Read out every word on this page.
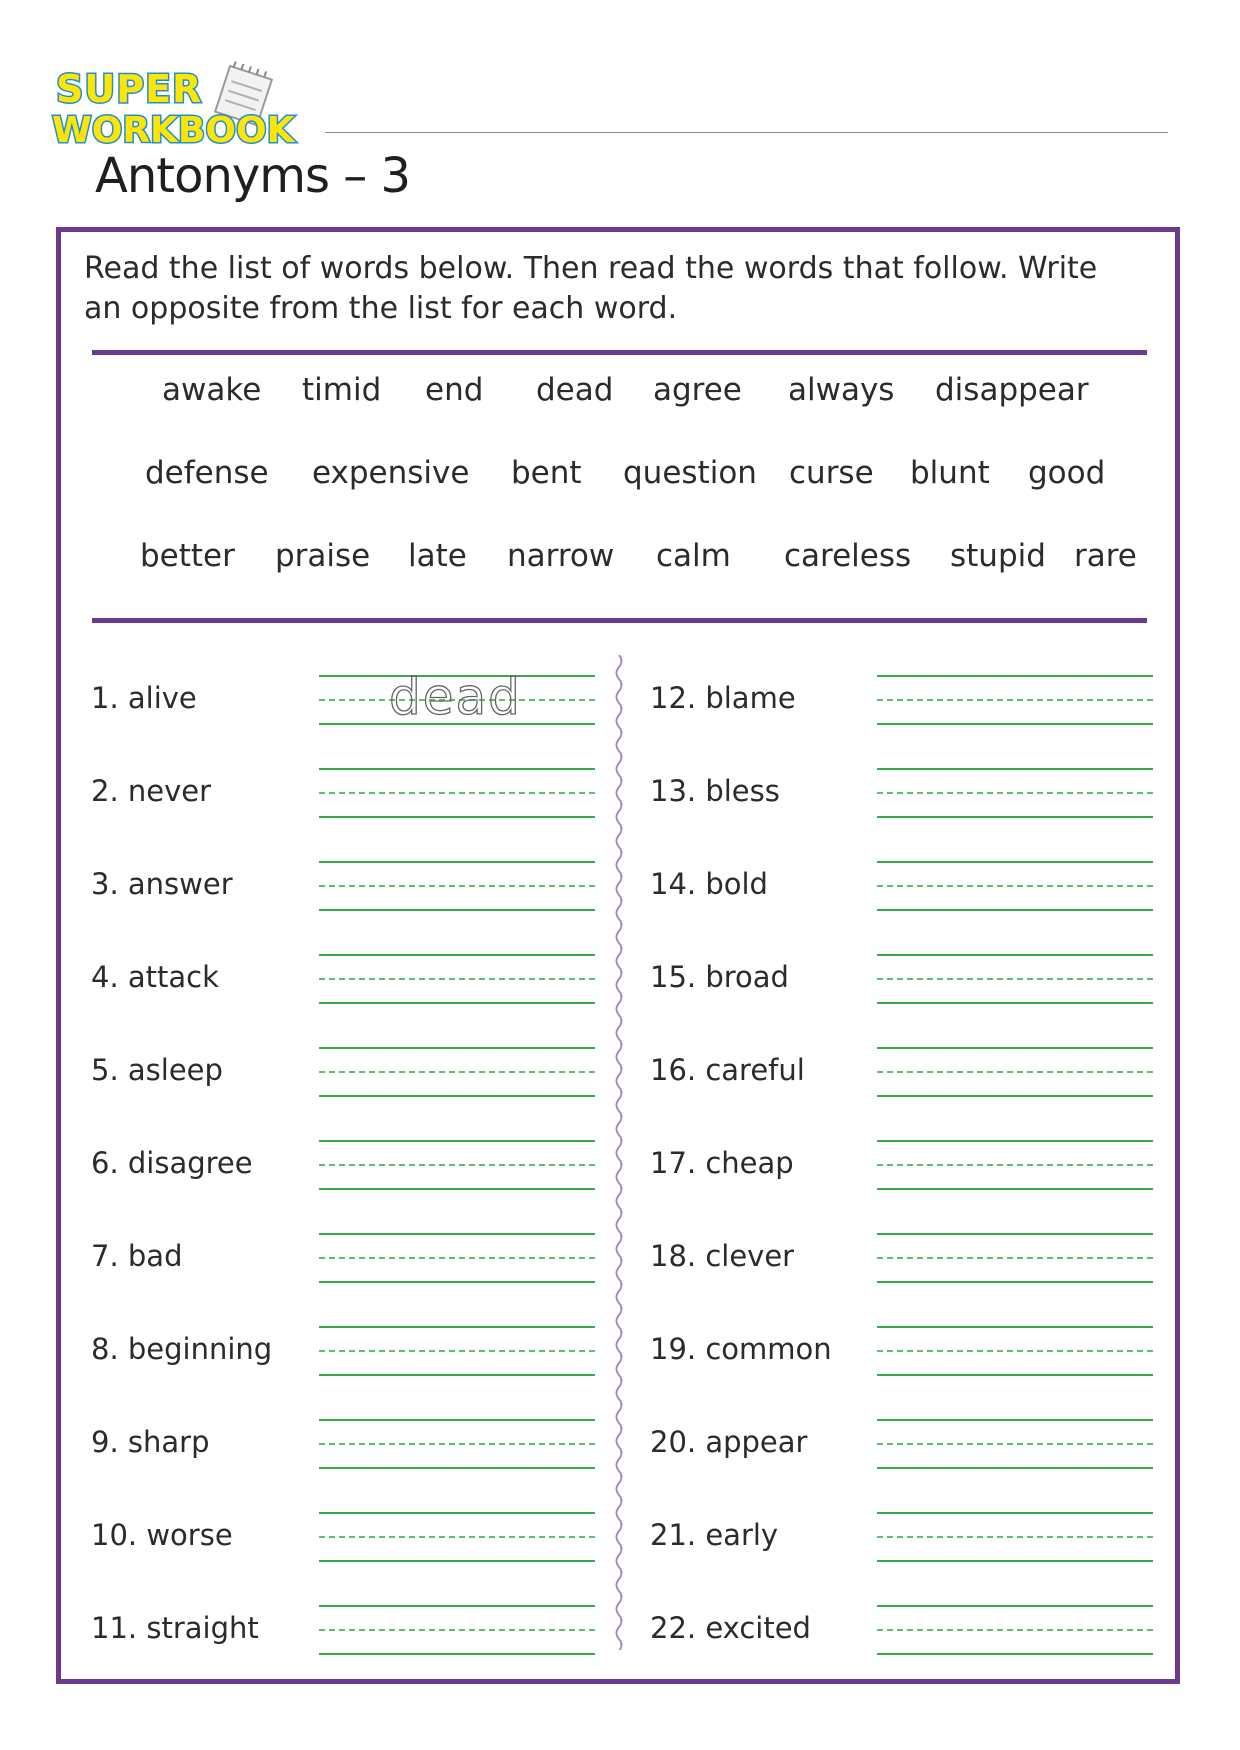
SUPER
WORKBOOK
Antonyms – 3

Read the list of words below. Then read the words that follow. Write an opposite from the list for each word.

awake timid end dead agree always disappear
defense expensive bent question curse blunt good
better praise late narrow calm careless stupid rare
1. alive	dead
2. never
3. answer
4. attack
5. asleep
6. disagree
7. bad
8. beginning
9. sharp
10. worse
11. straight
12. blame
13. bless
14. bold
15. broad
16. careful
17. cheap
18. clever
19. common
20. appear
21. early
22. excited
